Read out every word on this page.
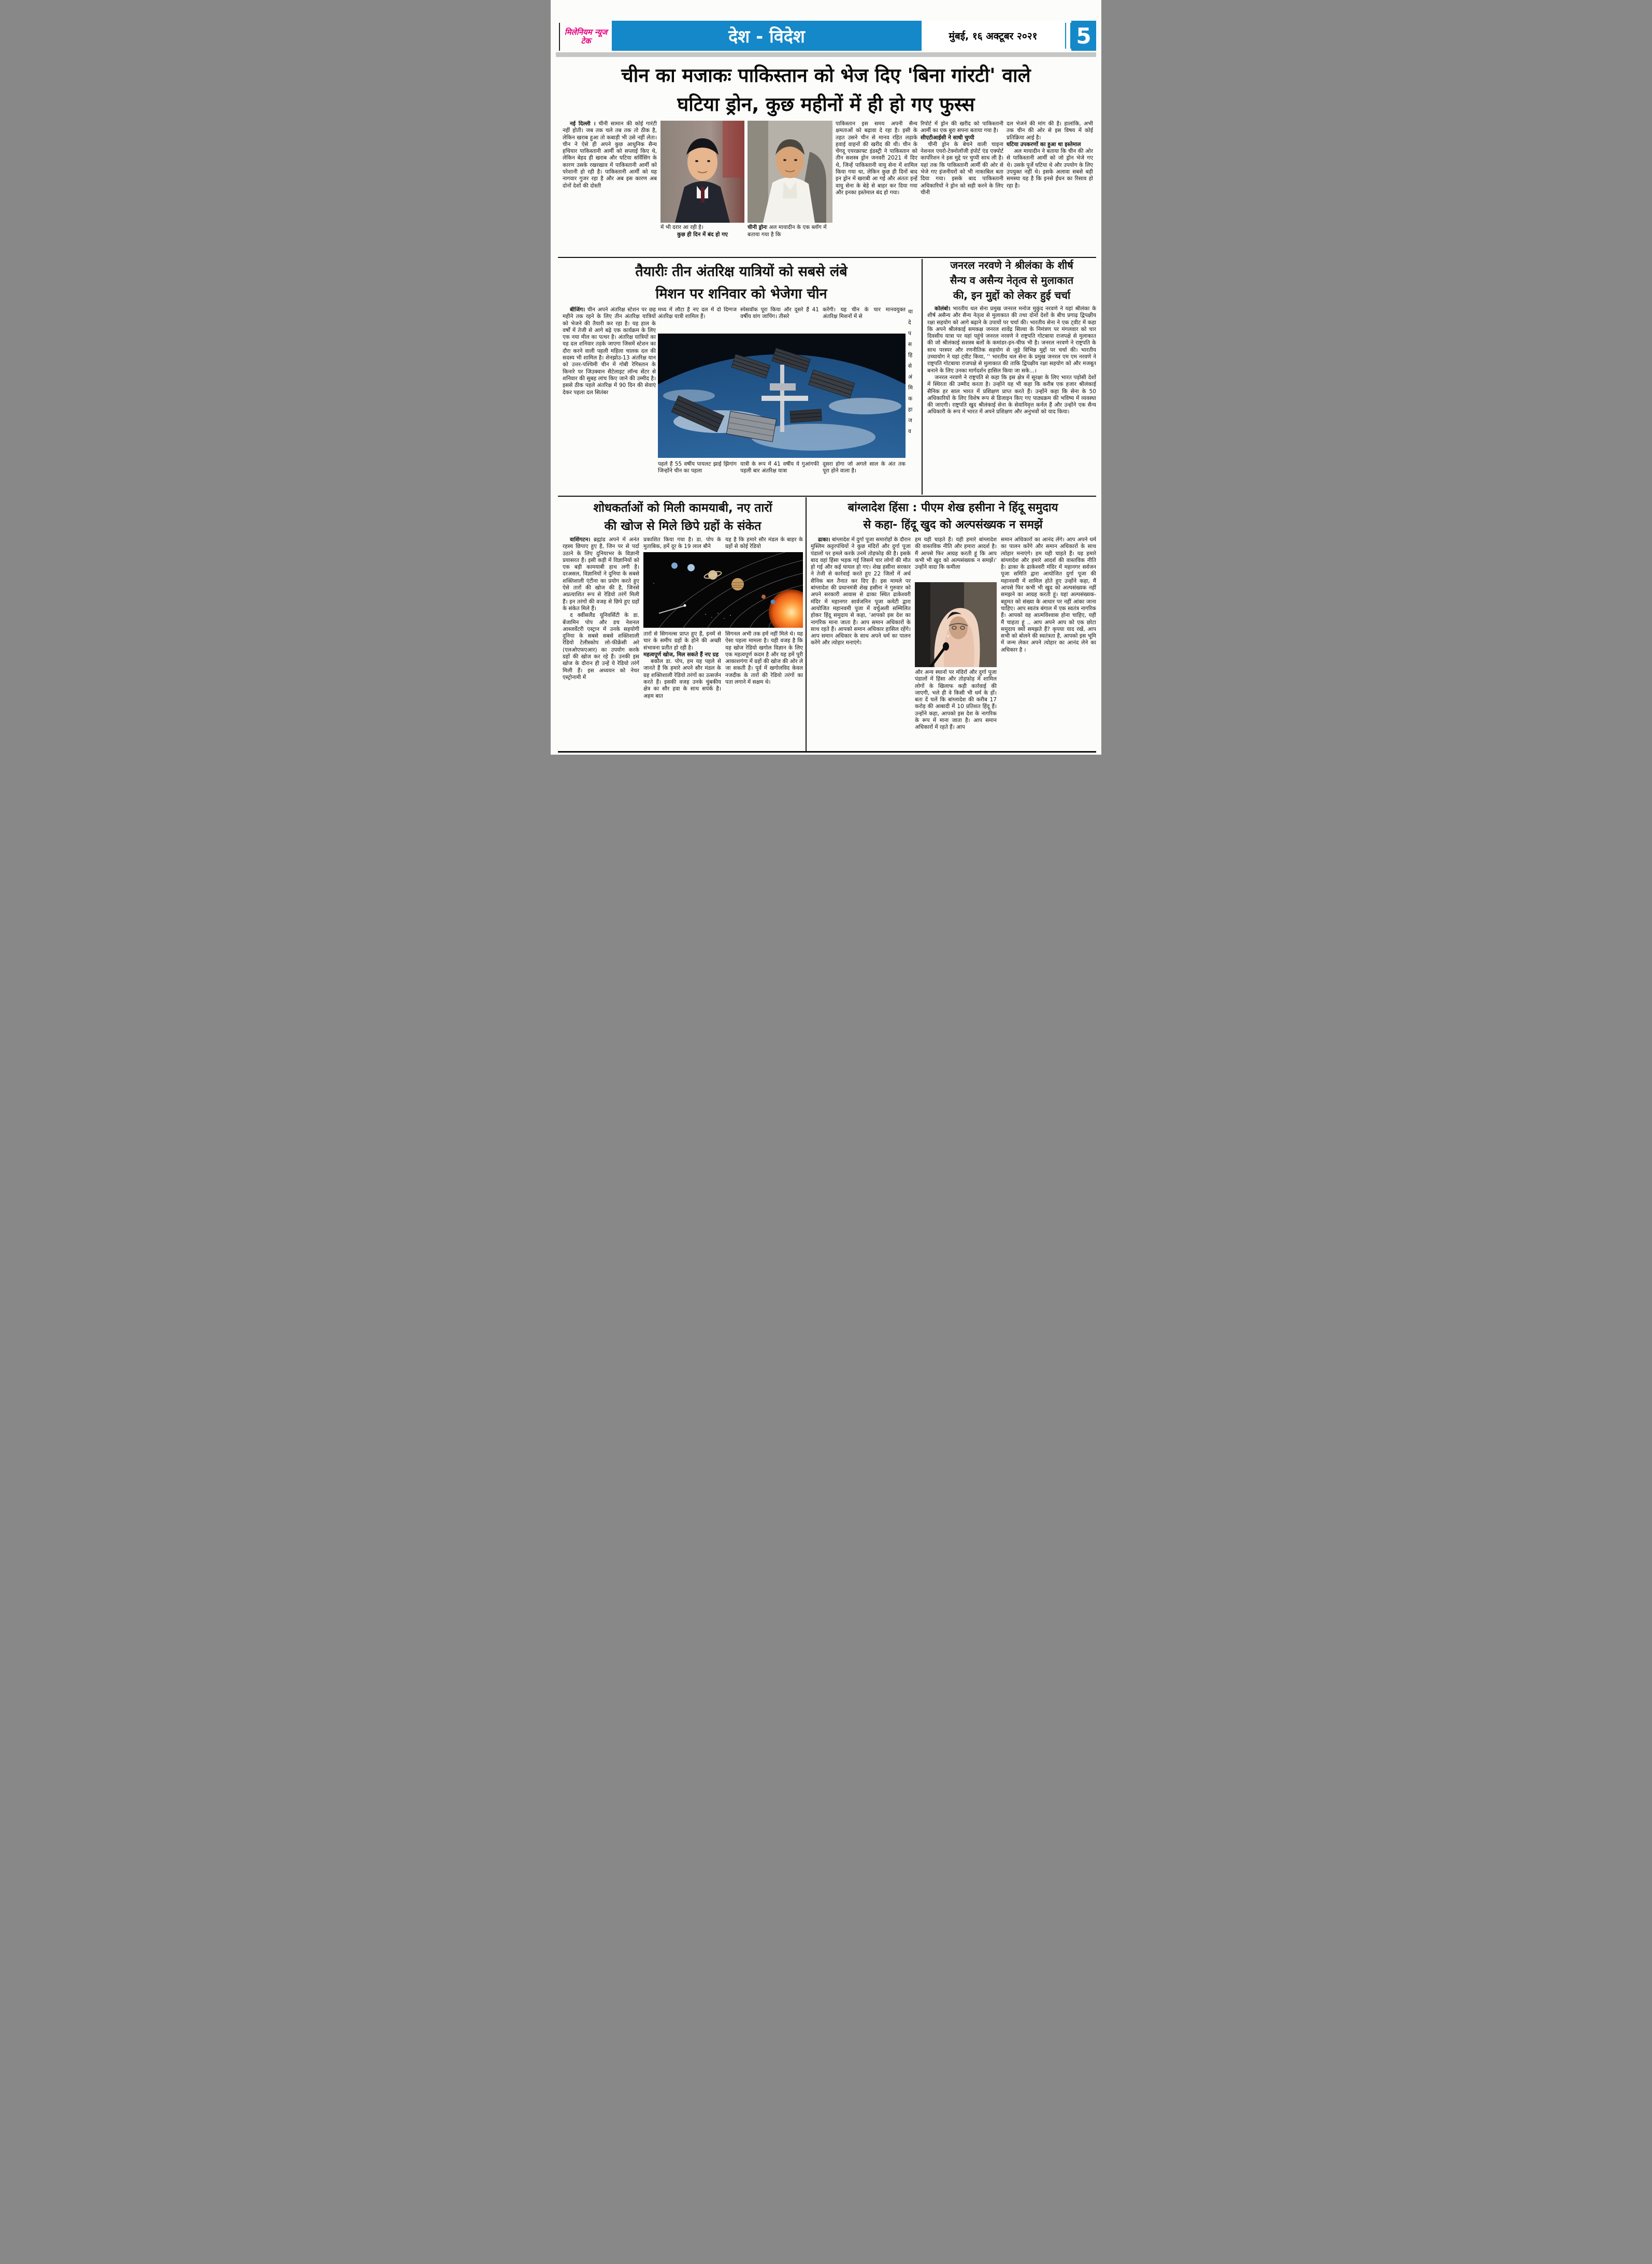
मिलेनियम न्यूज टेक	देश - विदेश	मुंबई, १६ अक्टूबर २०२१	5
चीन का मजाकः पाकिस्तान को भेज दिए 'बिना गांरटी' वाले
घटिया ड्रोन, कुछ महीनों में ही हो गए फुस्स

नई दिल्ली । चीनी सामान की कोई गारंटी नहीं होती। जब तक चले तब तक तो ठीक है, लेकिन खराब हुआ तो कबाड़ी भी उसे नहीं लेता। चीन ने ऐसे ही अपने कुछ आधुनिक सैन्य हथियार पाकिस्तानी आर्मी को सप्लाई किए थे, लेकिन बेहद ही खराब और घटिया सर्विसिंग के कारण उसके रखरखाव में पाकिस्तानी आर्मी को परेशानी हो रही है। पाकिस्तानी आर्मी को यह नागवार गुजर रहा है और अब इस कारण अब दोनों देशों की दोस्ती

में भी दरार आ रही है।
कुछ ही दिन में बंद हो गए
चीनी ड्रोनः अल मायादीन के एक ब्लॉग में बताया गया है कि

पाकिस्तान इस समय अपनी सैन्य क्षमताओं को बढ़ावा दे रहा है। इसी के तहत उसने चीन से मानव रहित लड़ाके हवाई वाहनों की खरीद की थी। चीन के चेंगदू एयरक्राफ्ट इंडस्ट्री ने पाकिस्तान को तीन सशस्त्र ड्रोन जनवरी 2021 में दिए थे, जिन्हें पाकिस्तानी वायु सेना में शामिल किया गया था, लेकिन कुछ ही दिनों बाद इन ड्रोन में खराबी आ गई और अंततः इन्हें वायु सेना के बेड़े से बाहर कर दिया गया और इनका इस्तेमाल बंद हो गया।

रिपोर्ट में ड्रोन की खरीद को पाकिस्तानी आर्मी का एक बुरा सपना बताया गया है।

सीएटीआईसी ने साधी चुप्पी

चीनी ड्रोन के बेचने वाली चाइना नेशनल एयरो-टेक्नोलॉजी इंपोर्ट एंड एक्पोर्ट कार्पोरेशन ने इस मुद्दे पर चुप्पी साध ली है। यहां तक कि पाकिस्तानी आर्मी की ओर से भेजे गए इंजनीयरों को भी नाकाबिल बता दिया गया। इसके बाद पाकिस्तानी अधिकारियों ने ड्रोन को सही करने के लिए चीनी

दल भेजने की मांग की है। हालांकि, अभी तक चीन की ओर से इस विषय में कोई प्रतिक्रिया आई है।

घटिया उपकरणों का हुआ था इस्तेमाल

अल मायादीन ने बताया कि चीन की ओर से पाकिस्तानी आर्मी को जो ड्रोन भेजे गए थे। उसके पुर्जे घटिया थे और उपयोग के लिए उपयुक्त नहीं थे। इसके अलावा सबसे बड़ी समस्या यह है कि इनसे ईंधन का रिसाव हो रहा है।

तैयारीः तीन अंतरिक्ष यात्रियों को सबसे लंबे
मिशन पर शनिवार को भेजेगा चीन

बीजिंग। चीन अपने अंतरिक्ष स्टेशन पर छह महीने तक रहने के लिए तीन अंतरिक्ष यात्रियों को भेजने की तैयारी कर रहा है। यह हाल के वर्षों में तेजी से आगे बढ़े एक कार्यक्रम के लिए एक नया मील का पत्थर है। अंतरिक्ष यात्रियों का यह दल शनिवार तड़के जाएगा जिसमें स्टेशन का दौरा करने वाली पहली महिला चालक दल की सदस्य भी शामिल है। शेनझोउ-13 अंतरिक्ष यान को उत्तर-पश्चिमी चीन में गोबी रेगिस्तान के किनारे पर जिउक्वान सैटेलाइट लॉन्च सेंटर से शनिवार की सुबह लांच किए जाने की उम्मीद है। इससे ठीक पहले अंतरिक्ष में 90 दिन की सेवाएं देकर पहला दल सितंबर

मध्य में लौटा है नए दल में दो दिग्गज अंतरिक्ष यात्री शामिल हैं।

स्पेसवॉक पूरा किया और दूसरे हैं 41 वर्षीय वांग जापिंग। तीसरे

करेंगी। यह चीन के चार मानवयुक्त अंतरिक्ष मिशनों में से

पहले हैं 55 वर्षीय पायलट झाई झिगांग जिन्होंने चीन का पहला

यात्री के रूप में 41 वर्षीय ये गुआंगफी पहली बार अंतरिक्ष यात्रा

दूसरा होगा जो अगले साल के अंत तक पूरा होने वाला है।

या दे प स हि से अं मि क हा ज व
जनरल नरवणे ने श्रीलंका के शीर्ष
सैन्य व असैन्य नेतृत्व से मुलाकात
की, इन मुद्दों को लेकर हुई चर्चा

कोलंबो। भारतीय थल सेना प्रमुख जनरल मनोज मुकुंद नरवणे ने यहां श्रीलंका के शीर्ष असैन्य और सैन्य नेतृत्व से मुलाकात की तथा दोनों देशों के बीच प्रगाढ़ द्विपक्षीय रक्षा सहयोग को आगे बढ़ाने के उपायों पर चर्चा की। भारतीय सेना ने एक ट्वीट में कहा कि अपने श्रीलंकाई समकक्ष जनरल शावेंद्र सिल्वा के निमंत्रण पर मंगलवार को चार दिवसीय यात्रा पर यहां पहुंचे जनरल नरवणे ने राष्ट्रपति गोटबाया राजपक्षे से मुलाकात की जो श्रीलंकाई सशस्त्र बलों के कमांडर-इन-चीफ भी है। जनरल नरवणे ने राष्ट्रपति के साथ परस्पर और रणनीतिक सहयोग से जुड़े विभिन्न मुद्दों पर चर्चा की। भारतीय उच्चायोग ने यहां ट्वीट किया, '' भारतीय थल सेना के प्रमुख जनरल एम एम नरवणे ने राष्ट्रपति गोटबाया राजपक्षे से मुलाकात की ताकि द्विपक्षीय रक्षा सहयोग को और मजबूत बनाने के लिए उनका मार्गदर्शन हासिल किया जा सके...।

जनरल नरवणे ने राष्ट्रपति से कहा कि इस क्षेत्र में सुरक्षा के लिए भारत पड़ोसी देशों में स्थिरता की उम्मीद करता है। उन्होंने यह भी कहा कि करीब एक हजार श्रीलंकाई सैनिक हर साल भारत में प्रशिक्षण प्राप्त करते हैं। उन्होंने कहा कि सेना के 50 अधिकारियों के लिए विशेष रूप से डिजाइन किए गए पाठ्यक्रम की भविष्य में व्यवस्था की जाएगी। राष्ट्रपति खुद श्रीलंकाई सेना के सेवानिवृत्त कर्नल हैं और उन्होंने एक सैन्य अधिकारी के रूप में भारत में अपने प्रशिक्षण और अनुभवों को याद किया।

शोधकर्ताओं को मिली कामयाबी, नए तारों
की खोज से मिले छिपे ग्रहों के संकेत

वाशिंगटन। ब्रह्मांड अपने में अनंत रहस्य छिपाए हुए है, जिन पर से पर्दा उठाने के लिए दुनियाभर के विज्ञानी प्रयासरत हैं। इसी कड़ी में विज्ञानियों को एक बड़ी कामयाबी हाथ लगी है। दरअसल, विज्ञानियों ने दुनिया के सबसे शक्तिशाली एंटीना का प्रयोग करते हुए ऐसे तारों की खोज की है, जिनसे अप्रत्याशित रूप से रेडियो तरंगें मिली हैं। इन तरंगों की वजह से छिपे हुए ग्रहों के संकेत मिले हैं।

द क्वींसलैंड यूनिवर्सिटी के डा. बेंजामिन पोप और डच नेशनल आब्जर्वेटरी एस्ट्रान में उनके सहयोगी दुनिया के सबसे सबसे शक्तिशाली रेडियो टेलीस्कोप लो-फीक्रेंसी अरे (एलओएफएआर) का उपयोग करके ग्रहों की खोज कर रहे हैं। उनकी इस खोज के दौरान ही उन्हें ये रेडियो तरंगें मिली हैं। इस अध्ययन को नेचर एस्ट्रोनामी में

प्रकाशित किया गया है। डा. पोप के मुताबिक, हमें दूर के 19 लाल बौने

यह है कि हमारे सौर मंडल के बाहर के ग्रहों से कोई रेडियो

तारों से सिगनल्स प्राप्त हुए हैं, इनमें से चार के समीप ग्रहों के होने की अच्छी संभावना प्रतीत हो रही है।

महत्वपूर्ण खोज, मिल सकते हैं नए ग्रह

बकौल डा. पोप, हम यह पहले से जानते हैं कि हमारे अपने सौर मंडल के ग्रह शक्तिशाली रेडियो तरंगों का उत्सर्जन करते हैं। इसकी वजह उनके चुंबकीय क्षेत्र का सौर हवा के साथ सपंर्क है। अहम बात

सिगनल अभी तक हमें नहीं मिले थे। यह ऐसा पहला मामला है। यही वजह है कि यह खोज रेडियो खगोल विज्ञान के लिए एक महत्वपूर्ण कदम है और यह हमें पूरी आकाशगंगा में ग्रहों की खोज की ओर ले जा सकती है। पूर्व में खगोलविद केवल नजदीक के तारों की रेडियो तरंगों का पता लगाने में सक्षम थे।

बांग्लादेश हिंसा : पीएम शेख हसीना ने हिंदू समुदाय
से कहा- हिंदू खुद को अल्पसंख्यक न समझें

ढाका। बांग्लादेश में दुर्गा पूजा समारोहों के दौरान मुस्लिम कट्टरपंथियों ने कुछ मंदिरों और दुर्गा पूजा पंडालों पर हमले करके उनमें तोड़फोड़ की है। इसके बाद वहां हिंसा भड़क गई जिसमें चार लोगों की मौत हो गई और कई घायल हो गए। शेख हसीना सरकार ने तेजी से कार्रवाई करते हुए 22 जिलों में अर्ध सैनिक बल तैनात कर दिए हैं। इस मामले पर बांग्लादेश की प्रधानमंत्री शेख हसीना ने गुरुवार को अपने सरकारी आवास से ढाका स्थित ढाकेश्वरी मंदिर में महानगर सार्वजनिन पूजा कमेटी द्वारा आयोजित महानवमी पूजा में वर्चुअली सम्मिलित होकर हिंदू समुदाय से कहा, 'आपको इस देश का नागरिक माना जाता है। आप समान अधिकारों के साथ रहते हैं। आपको समान अधिकार हासिल रहेंगे। आप समान अधिकार के साथ अपने धर्म का पालन करेंगे और त्योहार मनाएंगे।

हम यही चाहते हैं। यही हमारे बांग्लादेश की वास्तविक नीति और हमारा आदर्श है। मैं आपसे फिर आग्रह करती हूं कि आप कभी भी खुद को अल्पसंख्यक न समझें।' उन्होंने वादा कि कमीला

और अन्य स्थानों पर मंदिरों और दुर्गा पूजा पंडालों में हिंसा और तोड़फोड़ में शामिल लोगों के खिलाफ कड़ी कार्रवाई की जाएगी, भले ही वे किसी भी धर्म के हों। बता दें चलें कि बांग्लादेश की करीब 17 करोड़ की आबादी में 10 प्रतिशत हिंदू हैं। उन्होंने कहा, आपको इस देश के नागरिक के रूप में माना जाता है। आप समान अधिकारों में रहते हैं। आप

समान अधिकारों का आनंद लेंगे। आप अपने धर्म का पालन करेंगे और समान अधिकारों के साथ त्योहार मनाएंगे। हम यही चाहते हैं। यह हमारे बांग्लादेश और हमारे आदर्श की वास्तविक नीति है। ढाका के ढाकेश्वरी मंदिर में महानगर सर्वजन पूजा समिति द्वारा आयोजित दुर्गा पूजा की महानवमी में शामिल होते हुए उन्होंने कहा, मैं आपसे फिर कभी भी खुद को अल्पसंख्यक नहीं समझने का आग्रह करती हूं। यहां अल्पसंख्यक-बहुमत को संख्या के आधार पर नहीं आंका जाना चाहिए। आप स्वतंत्र बंगाल में एक स्वतंत्र नागरिक हैं। आपको वह आत्मविश्वास होना चाहिए, यही मैं चाहता हूं .. आप अपने आप को एक छोटा समुदाय क्यों समझते हैं? कृपया याद रखें, आप सभी को बोलने की स्वतंत्रता है, आपको इस भूमि में जन्म लेकर अपने त्योहार का आनंद लेने का अधिकार है ।
